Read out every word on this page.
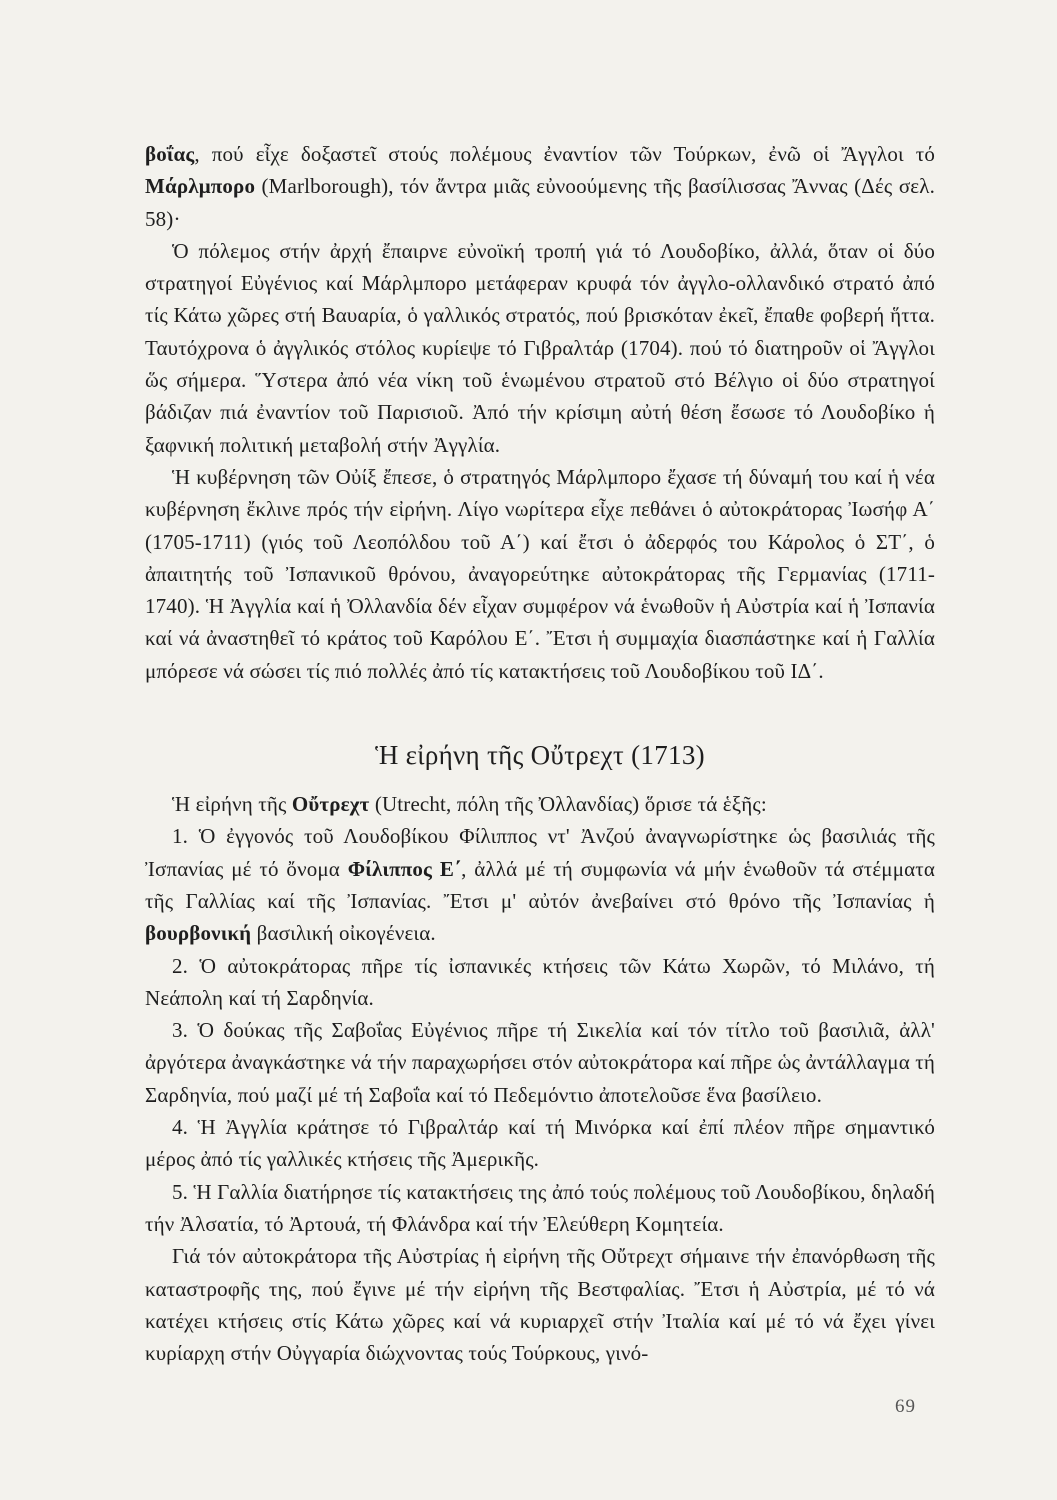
βοΐας, πού εἶχε δοξαστεῖ στούς πολέμους ἐναντίον τῶν Τούρκων, ἐνῶ οἱ Ἄγγλοι τό Μάρλμπορο (Marlborough), τόν ἄντρα μιᾶς εὐνοούμενης τῆς βασίλισσας Ἄννας (Δές σελ. 58)·

Ὁ πόλεμος στήν ἀρχή ἔπαιρνε εὐνοϊκή τροπή γιά τό Λουδοβίκο, ἀλλά, ὅταν οἱ δύο στρατηγοί Εὐγένιος καί Μάρλμπορο μετάφεραν κρυφά τόν ἀγγλο-ολλανδικό στρατό ἀπό τίς Κάτω χῶρες στή Βαυαρία, ὁ γαλλικός στρατός, πού βρισκόταν ἐκεῖ, ἔπαθε φοβερή ἥττα. Ταυτόχρονα ὁ ἀγγλικός στόλος κυρίεψε τό Γιβραλτάρ (1704). πού τό διατηροῦν οἱ Ἄγγλοι ὥς σήμερα. Ὕστερα ἀπό νέα νίκη τοῦ ἑνωμένου στρατοῦ στό Βέλγιο οἱ δύο στρατηγοί βάδιζαν πιά ἐναντίον τοῦ Παρισιοῦ. Ἀπό τήν κρίσιμη αὐτή θέση ἔσωσε τό Λουδοβίκο ἡ ξαφνική πολιτική μεταβολή στήν Ἀγγλία.

Ἡ κυβέρνηση τῶν Οὐίξ ἔπεσε, ὁ στρατηγός Μάρλμπορο ἔχασε τή δύναμή του καί ἡ νέα κυβέρνηση ἔκλινε πρός τήν εἰρήνη. Λίγο νωρίτερα εἶχε πεθάνει ὁ αὐτοκράτορας Ἰωσήφ Α΄ (1705-1711) (γιός τοῦ Λεοπόλδου τοῦ Α΄) καί ἔτσι ὁ ἀδερφός του Κάρολος ὁ ΣΤ΄, ὁ ἀπαιτητής τοῦ Ἰσπανικοῦ θρόνου, ἀναγορεύτηκε αὐτοκράτορας τῆς Γερμανίας (1711-1740). Ἡ Ἀγγλία καί ἡ Ὀλλανδία δέν εἶχαν συμφέρον νά ἑνωθοῦν ἡ Αὐστρία καί ἡ Ἰσπανία καί νά ἀναστηθεῖ τό κράτος τοῦ Καρόλου Ε΄. Ἔτσι ἡ συμμαχία διασπάστηκε καί ἡ Γαλλία μπόρεσε νά σώσει τίς πιό πολλές ἀπό τίς κατακτήσεις τοῦ Λουδοβίκου τοῦ ΙΔ΄.

Ἡ εἰρήνη τῆς Οὔτρεχτ (1713)

Ἡ εἰρήνη τῆς Οὔτρεχτ (Utrecht, πόλη τῆς Ὀλλανδίας) ὅρισε τά ἑξῆς:

1. Ὁ ἐγγονός τοῦ Λουδοβίκου Φίλιππος ντ' Ἀνζού ἀναγνωρίστηκε ὡς βασιλιάς τῆς Ἰσπανίας μέ τό ὄνομα Φίλιππος Ε΄, ἀλλά μέ τή συμφωνία νά μήν ἑνωθοῦν τά στέμματα τῆς Γαλλίας καί τῆς Ἰσπανίας. Ἔτσι μ' αὐτόν ἀνεβαίνει στό θρόνο τῆς Ἰσπανίας ἡ βουρβονική βασιλική οἰκογένεια.

2. Ὁ αὐτοκράτορας πῆρε τίς ἰσπανικές κτήσεις τῶν Κάτω Χωρῶν, τό Μιλάνο, τή Νεάπολη καί τή Σαρδηνία.

3. Ὁ δούκας τῆς Σαβοΐας Εὐγένιος πῆρε τή Σικελία καί τόν τίτλο τοῦ βασιλιᾶ, ἀλλ' ἀργότερα ἀναγκάστηκε νά τήν παραχωρήσει στόν αὐτοκράτορα καί πῆρε ὡς ἀντάλλαγμα τή Σαρδηνία, πού μαζί μέ τή Σαβοΐα καί τό Πεδεμόντιο ἀποτελοῦσε ἕνα βασίλειο.

4. Ἡ Ἀγγλία κράτησε τό Γιβραλτάρ καί τή Μινόρκα καί ἐπί πλέον πῆρε σημαντικό μέρος ἀπό τίς γαλλικές κτήσεις τῆς Ἀμερικῆς.

5. Ἡ Γαλλία διατήρησε τίς κατακτήσεις της ἀπό τούς πολέμους τοῦ Λουδοβίκου, δηλαδή τήν Ἀλσατία, τό Ἀρτουά, τή Φλάνδρα καί τήν Ἐλεύθερη Κομητεία.

Γιά τόν αὐτοκράτορα τῆς Αὐστρίας ἡ εἰρήνη τῆς Οὔτρεχτ σήμαινε τήν ἐπανόρθωση τῆς καταστροφῆς της, πού ἔγινε μέ τήν εἰρήνη τῆς Βεστφαλίας. Ἔτσι ἡ Αὐστρία, μέ τό νά κατέχει κτήσεις στίς Κάτω χῶρες καί νά κυριαρχεῖ στήν Ἰταλία καί μέ τό νά ἔχει γίνει κυρίαρχη στήν Οὐγγαρία διώχνοντας τούς Τούρκους, γινό-

69
